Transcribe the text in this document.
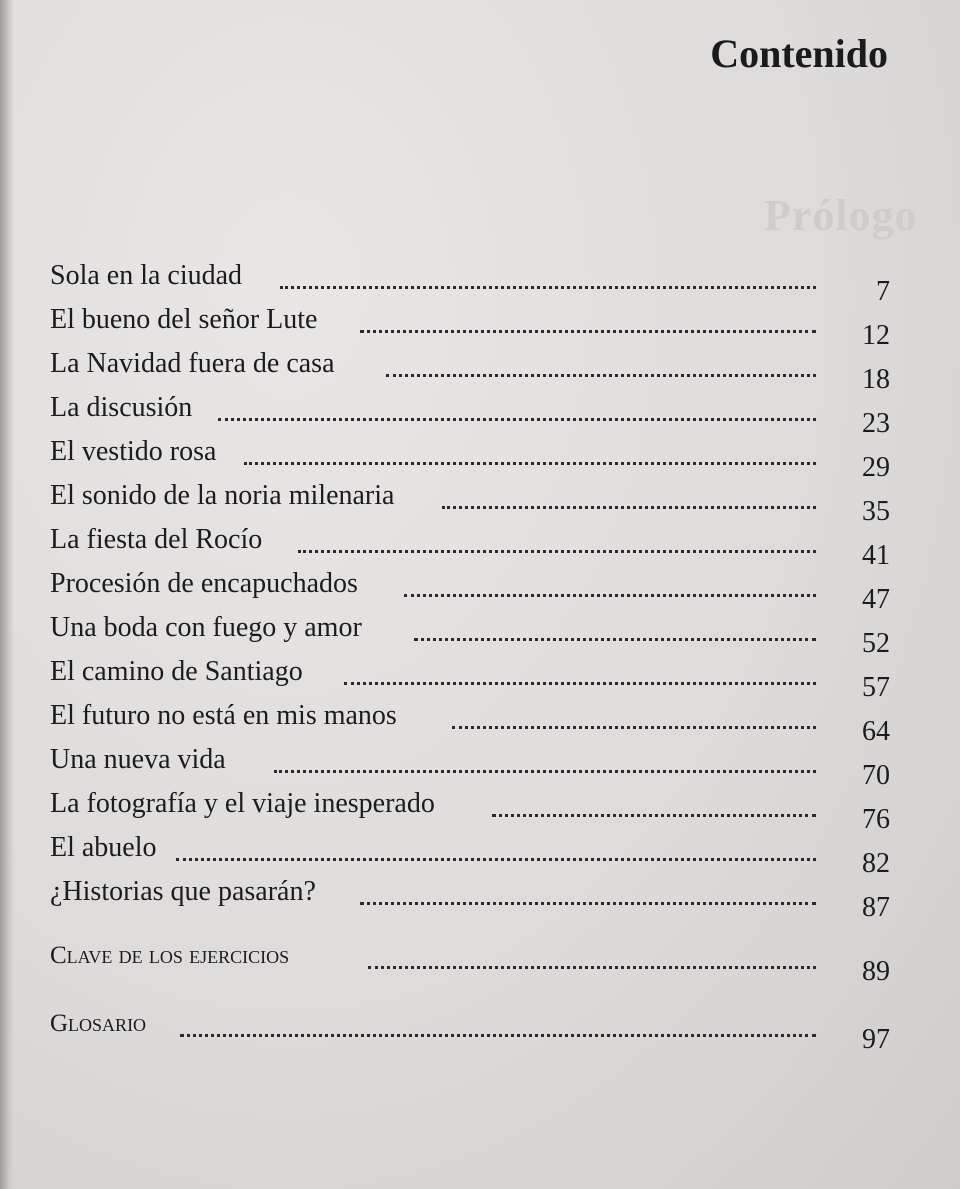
Prólogo
Contenido
Sola en la ciudad
7
El bueno del señor Lute
12
La Navidad fuera de casa
18
La discusión
23
El vestido rosa
29
El sonido de la noria milenaria
35
La fiesta del Rocío
41
Procesión de encapuchados
47
Una boda con fuego y amor
52
El camino de Santiago
57
El futuro no está en mis manos
64
Una nueva vida
70
La fotografía y el viaje inesperado
76
El abuelo
82
¿Historias que pasarán?
87
Clave de los ejercicios
89
Glosario
97
